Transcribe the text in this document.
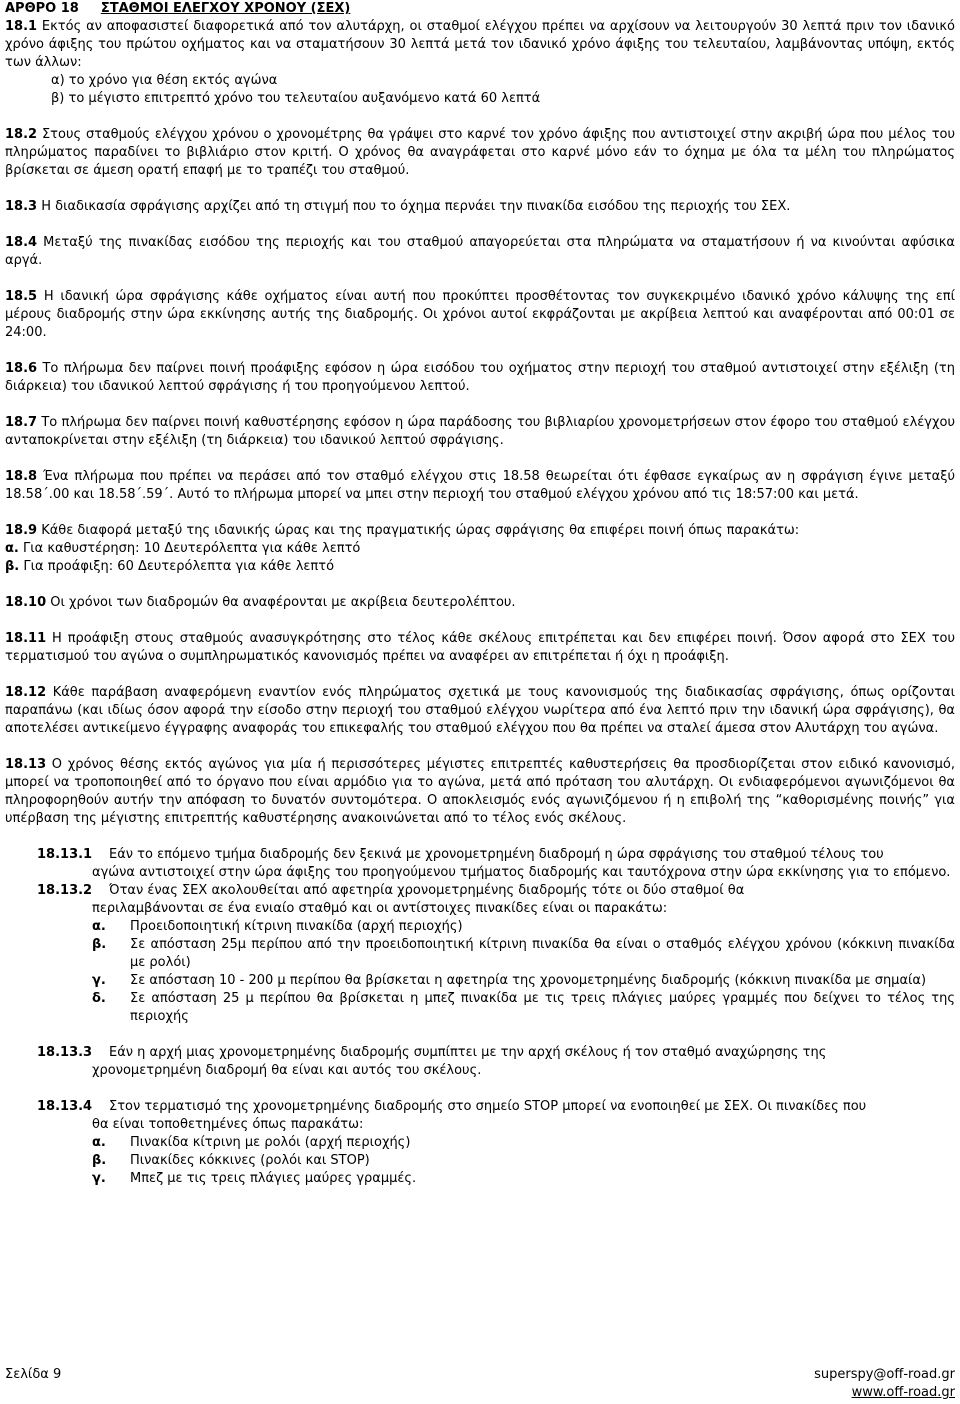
ΑΡΘΡΟ 18 ΣΤΑΘΜΟΙ ΕΛΕΓΧΟΥ ΧΡΟΝΟΥ (ΣΕΧ)

18.1 Εκτός αν αποφασιστεί διαφορετικά από τον αλυτάρχη, οι σταθμοί ελέγχου πρέπει να αρχίσουν να λειτουργούν 30 λεπτά πριν τον ιδανικό χρόνο άφιξης του πρώτου οχήματος και να σταματήσουν 30 λεπτά μετά τον ιδανικό χρόνο άφιξης του τελευταίου, λαμβάνοντας υπόψη, εκτός των άλλων:

α) το χρόνο για θέση εκτός αγώνα

β) το μέγιστο επιτρεπτό χρόνο του τελευταίου αυξανόμενο κατά 60 λεπτά

18.2 Στους σταθμούς ελέγχου χρόνου ο χρονομέτρης θα γράψει στο καρνέ τον χρόνο άφιξης που αντιστοιχεί στην ακριβή ώρα που μέλος του πληρώματος παραδίνει το βιβλιάριο στον κριτή. Ο χρόνος θα αναγράφεται στο καρνέ μόνο εάν το όχημα με όλα τα μέλη του πληρώματος βρίσκεται σε άμεση ορατή επαφή με το τραπέζι του σταθμού.

18.3 Η διαδικασία σφράγισης αρχίζει από τη στιγμή που το όχημα περνάει την πινακίδα εισόδου της περιοχής του ΣΕΧ.

18.4 Μεταξύ της πινακίδας εισόδου της περιοχής και του σταθμού απαγορεύεται στα πληρώματα να σταματήσουν ή να κινούνται αφύσικα αργά.

18.5 Η ιδανική ώρα σφράγισης κάθε οχήματος είναι αυτή που προκύπτει προσθέτοντας τον συγκεκριμένο ιδανικό χρόνο κάλυψης της επί μέρους διαδρομής στην ώρα εκκίνησης αυτής της διαδρομής. Οι χρόνοι αυτοί εκφράζονται με ακρίβεια λεπτού και αναφέρονται από 00:01 σε 24:00.

18.6 Το πλήρωμα δεν παίρνει ποινή προάφιξης εφόσον η ώρα εισόδου του οχήματος στην περιοχή του σταθμού αντιστοιχεί στην εξέλιξη (τη διάρκεια) του ιδανικού λεπτού σφράγισης ή του προηγούμενου λεπτού.

18.7 Το πλήρωμα δεν παίρνει ποινή καθυστέρησης εφόσον η ώρα παράδοσης του βιβλιαρίου χρονομετρήσεων στον έφορο του σταθμού ελέγχου ανταποκρίνεται στην εξέλιξη (τη διάρκεια) του ιδανικού λεπτού σφράγισης.

18.8 Ένα πλήρωμα που πρέπει να περάσει από τον σταθμό ελέγχου στις 18.58 θεωρείται ότι έφθασε εγκαίρως αν η σφράγιση έγινε μεταξύ 18.58΄.00 και 18.58΄.59΄. Αυτό το πλήρωμα μπορεί να μπει στην περιοχή του σταθμού ελέγχου χρόνου από τις 18:57:00 και μετά.

18.9 Κάθε διαφορά μεταξύ της ιδανικής ώρας και της πραγματικής ώρας σφράγισης θα επιφέρει ποινή όπως παρακάτω:

α. Για καθυστέρηση: 10 Δευτερόλεπτα για κάθε λεπτό

β. Για προάφιξη: 60 Δευτερόλεπτα για κάθε λεπτό

18.10 Οι χρόνοι των διαδρομών θα αναφέρονται με ακρίβεια δευτερολέπτου.

18.11 Η προάφιξη στους σταθμούς ανασυγκρότησης στο τέλος κάθε σκέλους επιτρέπεται και δεν επιφέρει ποινή. Όσον αφορά στο ΣΕΧ του τερματισμού του αγώνα ο συμπληρωματικός κανονισμός πρέπει να αναφέρει αν επιτρέπεται ή όχι η προάφιξη.

18.12 Κάθε παράβαση αναφερόμενη εναντίον ενός πληρώματος σχετικά με τους κανονισμούς της διαδικασίας σφράγισης, όπως ορίζονται παραπάνω (και ιδίως όσον αφορά την είσοδο στην περιοχή του σταθμού ελέγχου νωρίτερα από ένα λεπτό πριν την ιδανική ώρα σφράγισης), θα αποτελέσει αντικείμενο έγγραφης αναφοράς του επικεφαλής του σταθμού ελέγχου που θα πρέπει να σταλεί άμεσα στον Αλυτάρχη του αγώνα.

18.13 Ο χρόνος θέσης εκτός αγώνος για μία ή περισσότερες μέγιστες επιτρεπτές καθυστερήσεις θα προσδιορίζεται στον ειδικό κανονισμό, μπορεί να τροποποιηθεί από το όργανο που είναι αρμόδιο για το αγώνα, μετά από πρόταση του αλυτάρχη. Οι ενδιαφερόμενοι αγωνιζόμενοι θα πληροφορηθούν αυτήν την απόφαση το δυνατόν συντομότερα. Ο αποκλεισμός ενός αγωνιζόμενου ή η επιβολή της “καθορισμένης ποινής” για υπέρβαση της μέγιστης επιτρεπτής καθυστέρησης ανακοινώνεται από το τέλος ενός σκέλους.

18.13.1	Εάν το επόμενο τμήμα διαδρομής δεν ξεκινά με χρονομετρημένη διαδρομή η ώρα σφράγισης του σταθμού τέλους του
αγώνα αντιστοιχεί στην ώρα άφιξης του προηγούμενου τμήματος διαδρομής και ταυτόχρονα στην ώρα εκκίνησης για το επόμενο.
18.13.2	Όταν ένας ΣΕΧ ακολουθείται από αφετηρία χρονομετρημένης διαδρομής τότε οι δύο σταθμοί θα
περιλαμβάνονται σε ένα ενιαίο σταθμό και οι αντίστοιχες πινακίδες είναι οι παρακάτω:
α.	Προειδοποιητική κίτρινη πινακίδα (αρχή περιοχής)
β.	Σε απόσταση 25μ περίπου από την προειδοποιητική κίτρινη πινακίδα θα είναι ο σταθμός ελέγχου χρόνου (κόκκινη πινακίδα με ρολόι)
γ.	Σε απόσταση 10 - 200 μ περίπου θα βρίσκεται η αφετηρία της χρονομετρημένης διαδρομής (κόκκινη πινακίδα με σημαία)
δ.	Σε απόσταση 25 μ περίπου θα βρίσκεται η μπεζ πινακίδα με τις τρεις πλάγιες μαύρες γραμμές που δείχνει το τέλος της περιοχής
18.13.3	Εάν η αρχή μιας χρονομετρημένης διαδρομής συμπίπτει με την αρχή σκέλους ή τον σταθμό αναχώρησης της
χρονομετρημένη διαδρομή θα είναι και αυτός του σκέλους.
18.13.4	Στον τερματισμό της χρονομετρημένης διαδρομής στο σημείο STOP μπορεί να ενοποιηθεί με ΣΕΧ. Οι πινακίδες που
θα είναι τοποθετημένες όπως παρακάτω:
α.	Πινακίδα κίτρινη με ρολόι (αρχή περιοχής)
β.	Πινακίδες κόκκινες (ρολόι και STOP)
γ.	Μπεζ με τις τρεις πλάγιες μαύρες γραμμές.
Σελίδα 9	superspy@off-road.gr
www.off-road.gr
